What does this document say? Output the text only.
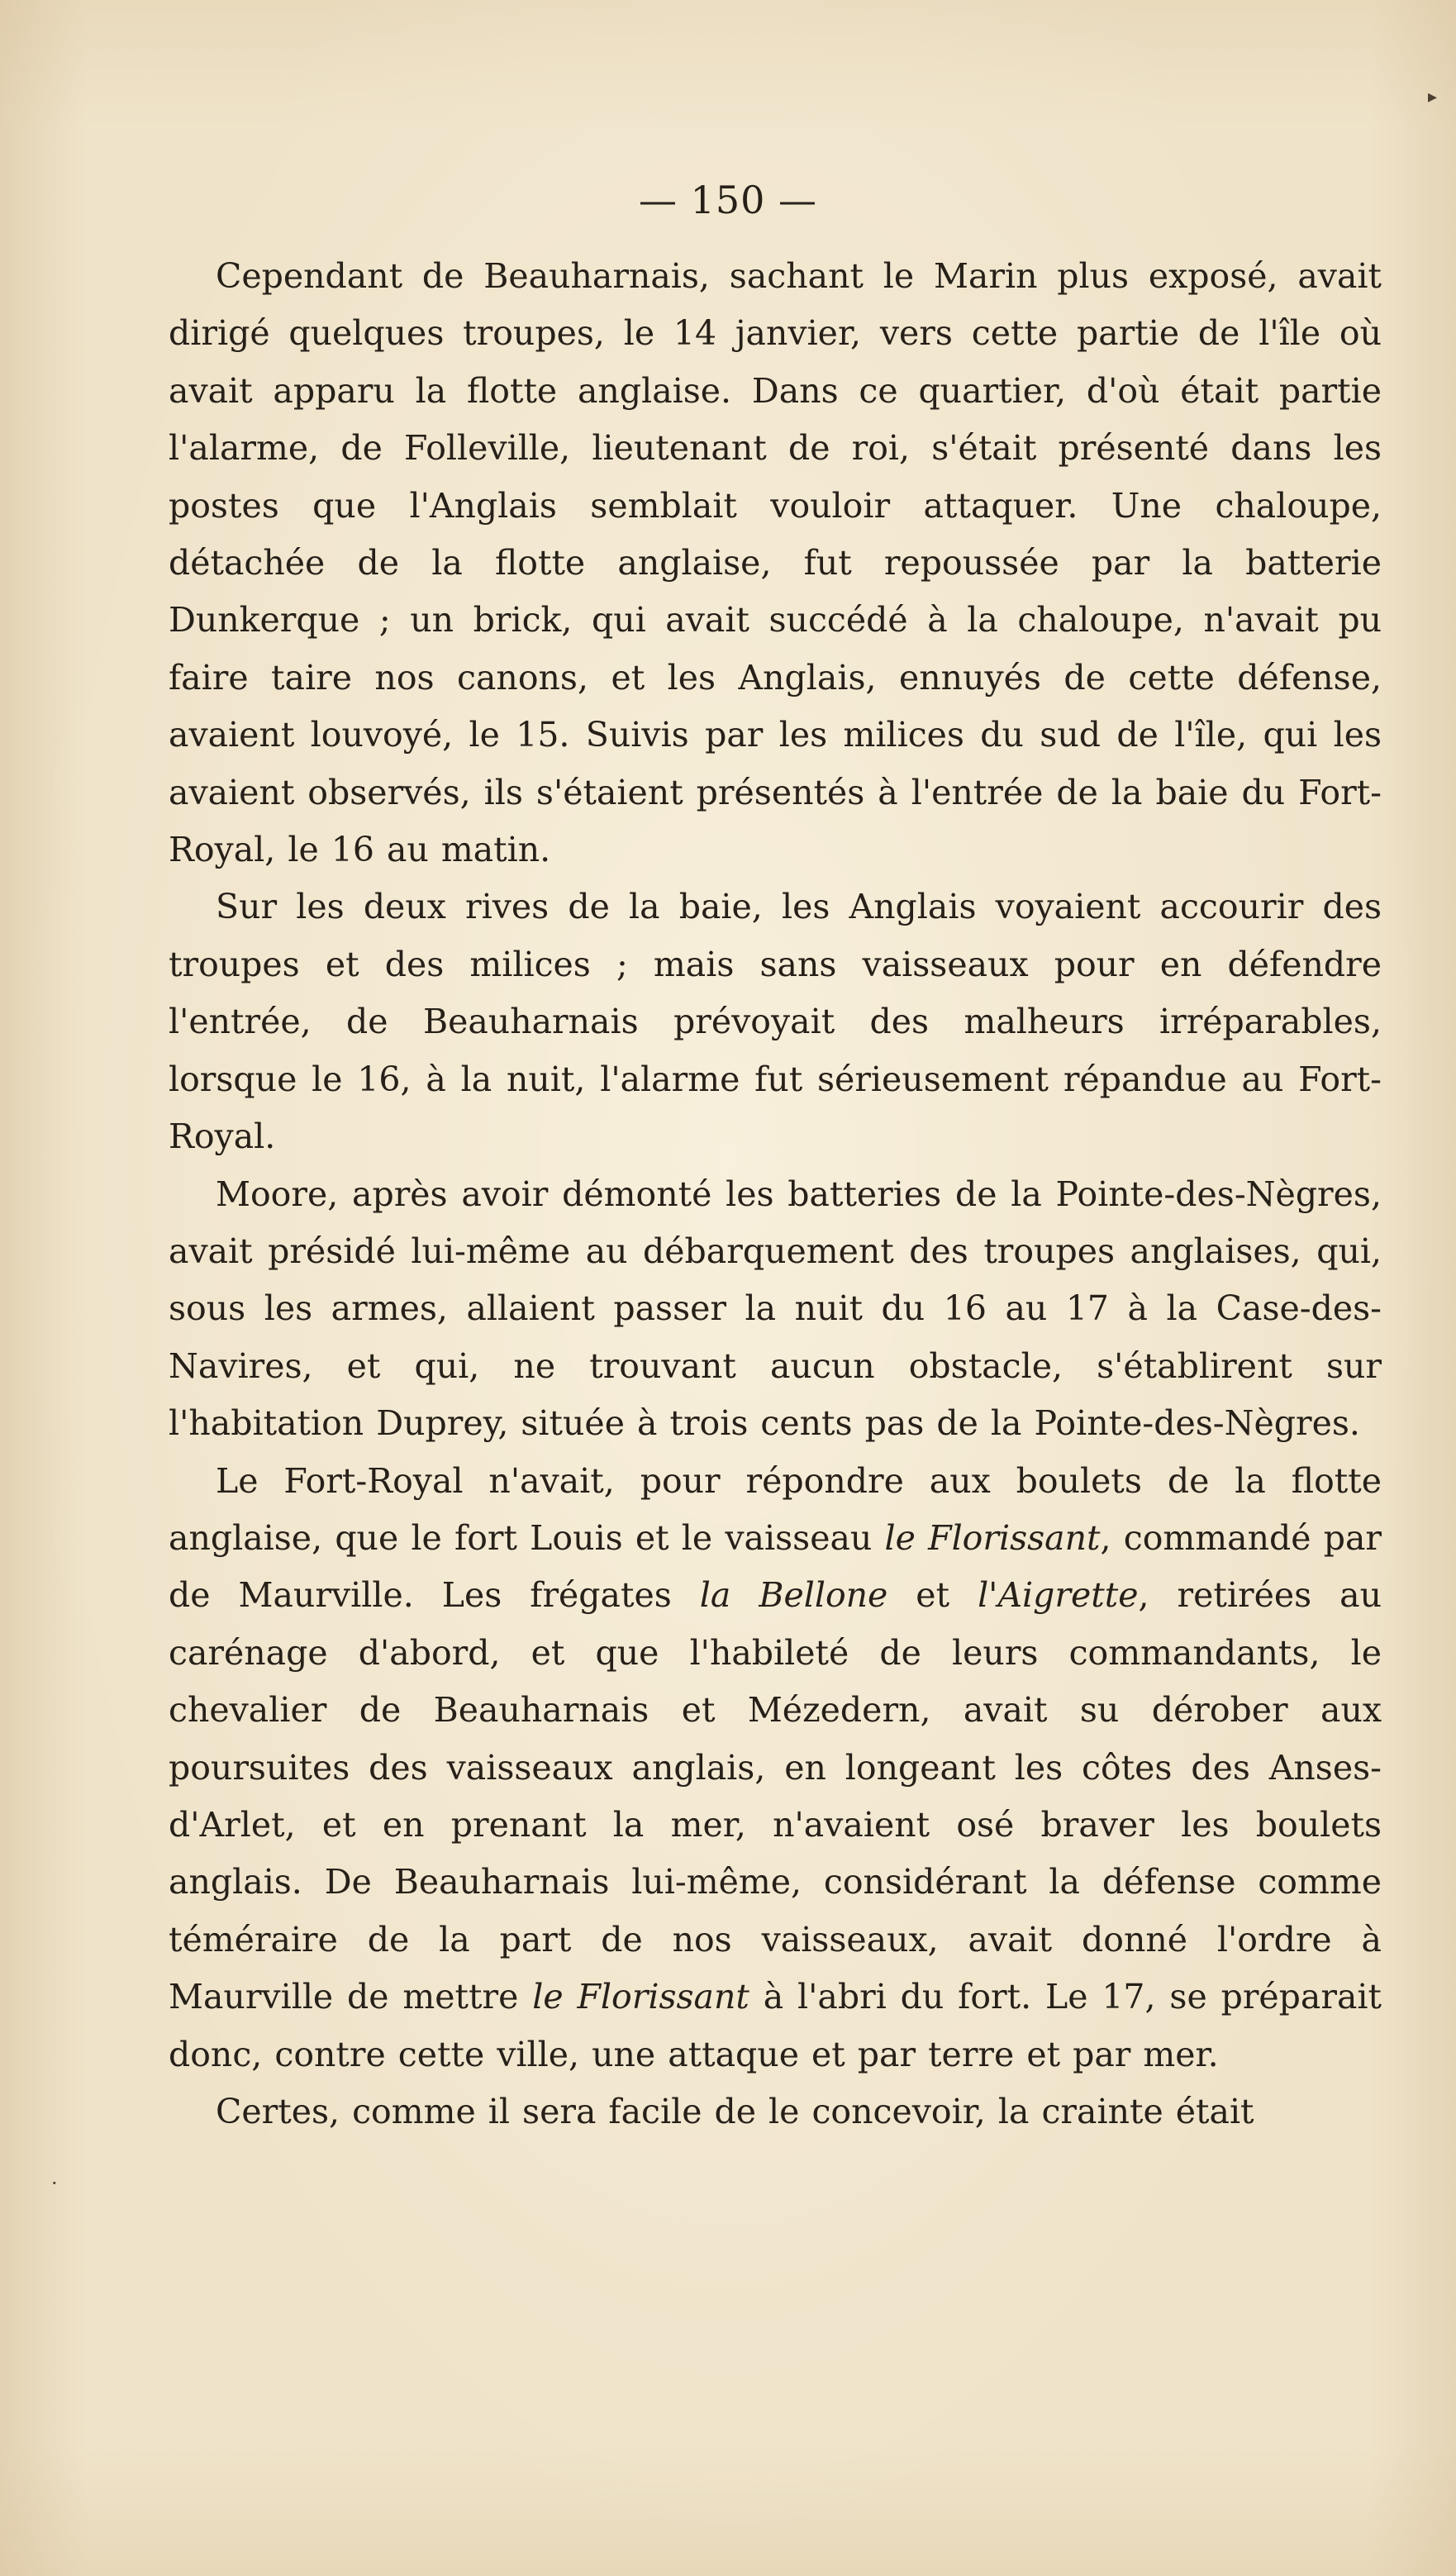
▸
·
— 150 —

Cependant de Beauharnais, sachant le Marin plus exposé, avait dirigé quelques troupes, le 14 janvier, vers cette partie de l'île où avait apparu la flotte anglaise. Dans ce quartier, d'où était partie l'alarme, de Folleville, lieutenant de roi, s'était présenté dans les postes que l'Anglais semblait vouloir attaquer. Une chaloupe, détachée de la flotte anglaise, fut repoussée par la batterie Dunkerque ; un brick, qui avait succédé à la chaloupe, n'avait pu faire taire nos canons, et les Anglais, ennuyés de cette défense, avaient louvoyé, le 15. Suivis par les milices du sud de l'île, qui les avaient observés, ils s'étaient présentés à l'entrée de la baie du Fort-Royal, le 16 au matin.

Sur les deux rives de la baie, les Anglais voyaient accourir des troupes et des milices ; mais sans vaisseaux pour en défendre l'entrée, de Beauharnais prévoyait des malheurs irréparables, lorsque le 16, à la nuit, l'alarme fut sérieusement répandue au Fort-Royal.

Moore, après avoir démonté les batteries de la Pointe-des-Nègres, avait présidé lui-même au débarquement des troupes anglaises, qui, sous les armes, allaient passer la nuit du 16 au 17 à la Case-des-Navires, et qui, ne trouvant aucun obstacle, s'établirent sur l'habitation Duprey, située à trois cents pas de la Pointe-des-Nègres.

Le Fort-Royal n'avait, pour répondre aux boulets de la flotte anglaise, que le fort Louis et le vaisseau le Florissant, commandé par de Maurville. Les frégates la Bellone et l'Aigrette, retirées au carénage d'abord, et que l'habileté de leurs commandants, le chevalier de Beauharnais et Mézedern, avait su dérober aux poursuites des vaisseaux anglais, en longeant les côtes des Anses-d'Arlet, et en prenant la mer, n'avaient osé braver les boulets anglais. De Beauharnais lui-même, considérant la défense comme téméraire de la part de nos vaisseaux, avait donné l'ordre à Maurville de mettre le Florissant à l'abri du fort. Le 17, se préparait donc, contre cette ville, une attaque et par terre et par mer.

Certes, comme il sera facile de le concevoir, la crainte était
